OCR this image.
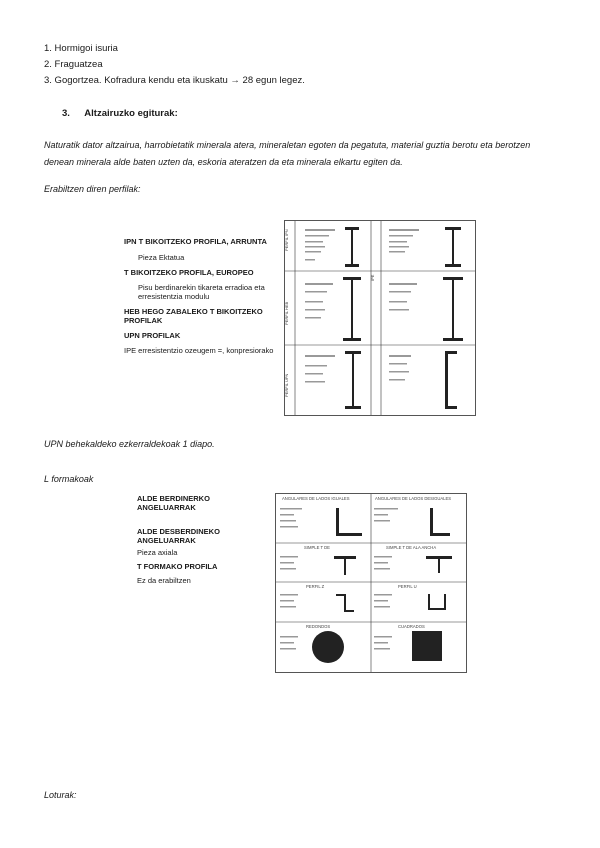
1. Hormigoi isuria
2. Fraguatzea
3. Gogortzea. Kofradura kendu eta ikuskatu → 28 egun legez.
3. Altzairuzko egiturak:
Naturatik dator altzairua, harrobietatik minerala atera, mineraletan egoten da pegatuta, material guztia berotu eta berotzen denean minerala alde baten uzten da, eskoria ateratzen da eta minerala elkartu egiten da.
Erabiltzen diren perfilak:
IPN T BIKOITZEKO PROFILA, ARRUNTA
Pieza Ektatua
T BIKOITZEKO PROFILA, EUROPEO
Pisu berdinarekin tikareta erradioa eta erresistentzia modulu
HEB HEGO ZABALEKO T BIKOITZEKO PROFILAK
UPN PROFILAK
IPE erresistentzio ozeugem =, konpresiorako
PERFIL IPN
PERFIL HEB
PERFIL UPN
IPE
UPN behekaldeko ezkerraldekoak 1 diapo.
L formakoak
ALDE BERDINERKO ANGELUARRAK
ALDE DESBERDINEKO ANGELUARRAK
Pieza axiala
T FORMAKO PROFILA
Ez da erabiltzen
ANGULARES DE LADOS IGUALES	ANGULARES DE LADOS DESIGUALES
SIMPLE T DE	SIMPLE T DE ALA ANCHA
PERFIL Z	PERFIL U
REDONDOS	CUADRADOS
Loturak:
